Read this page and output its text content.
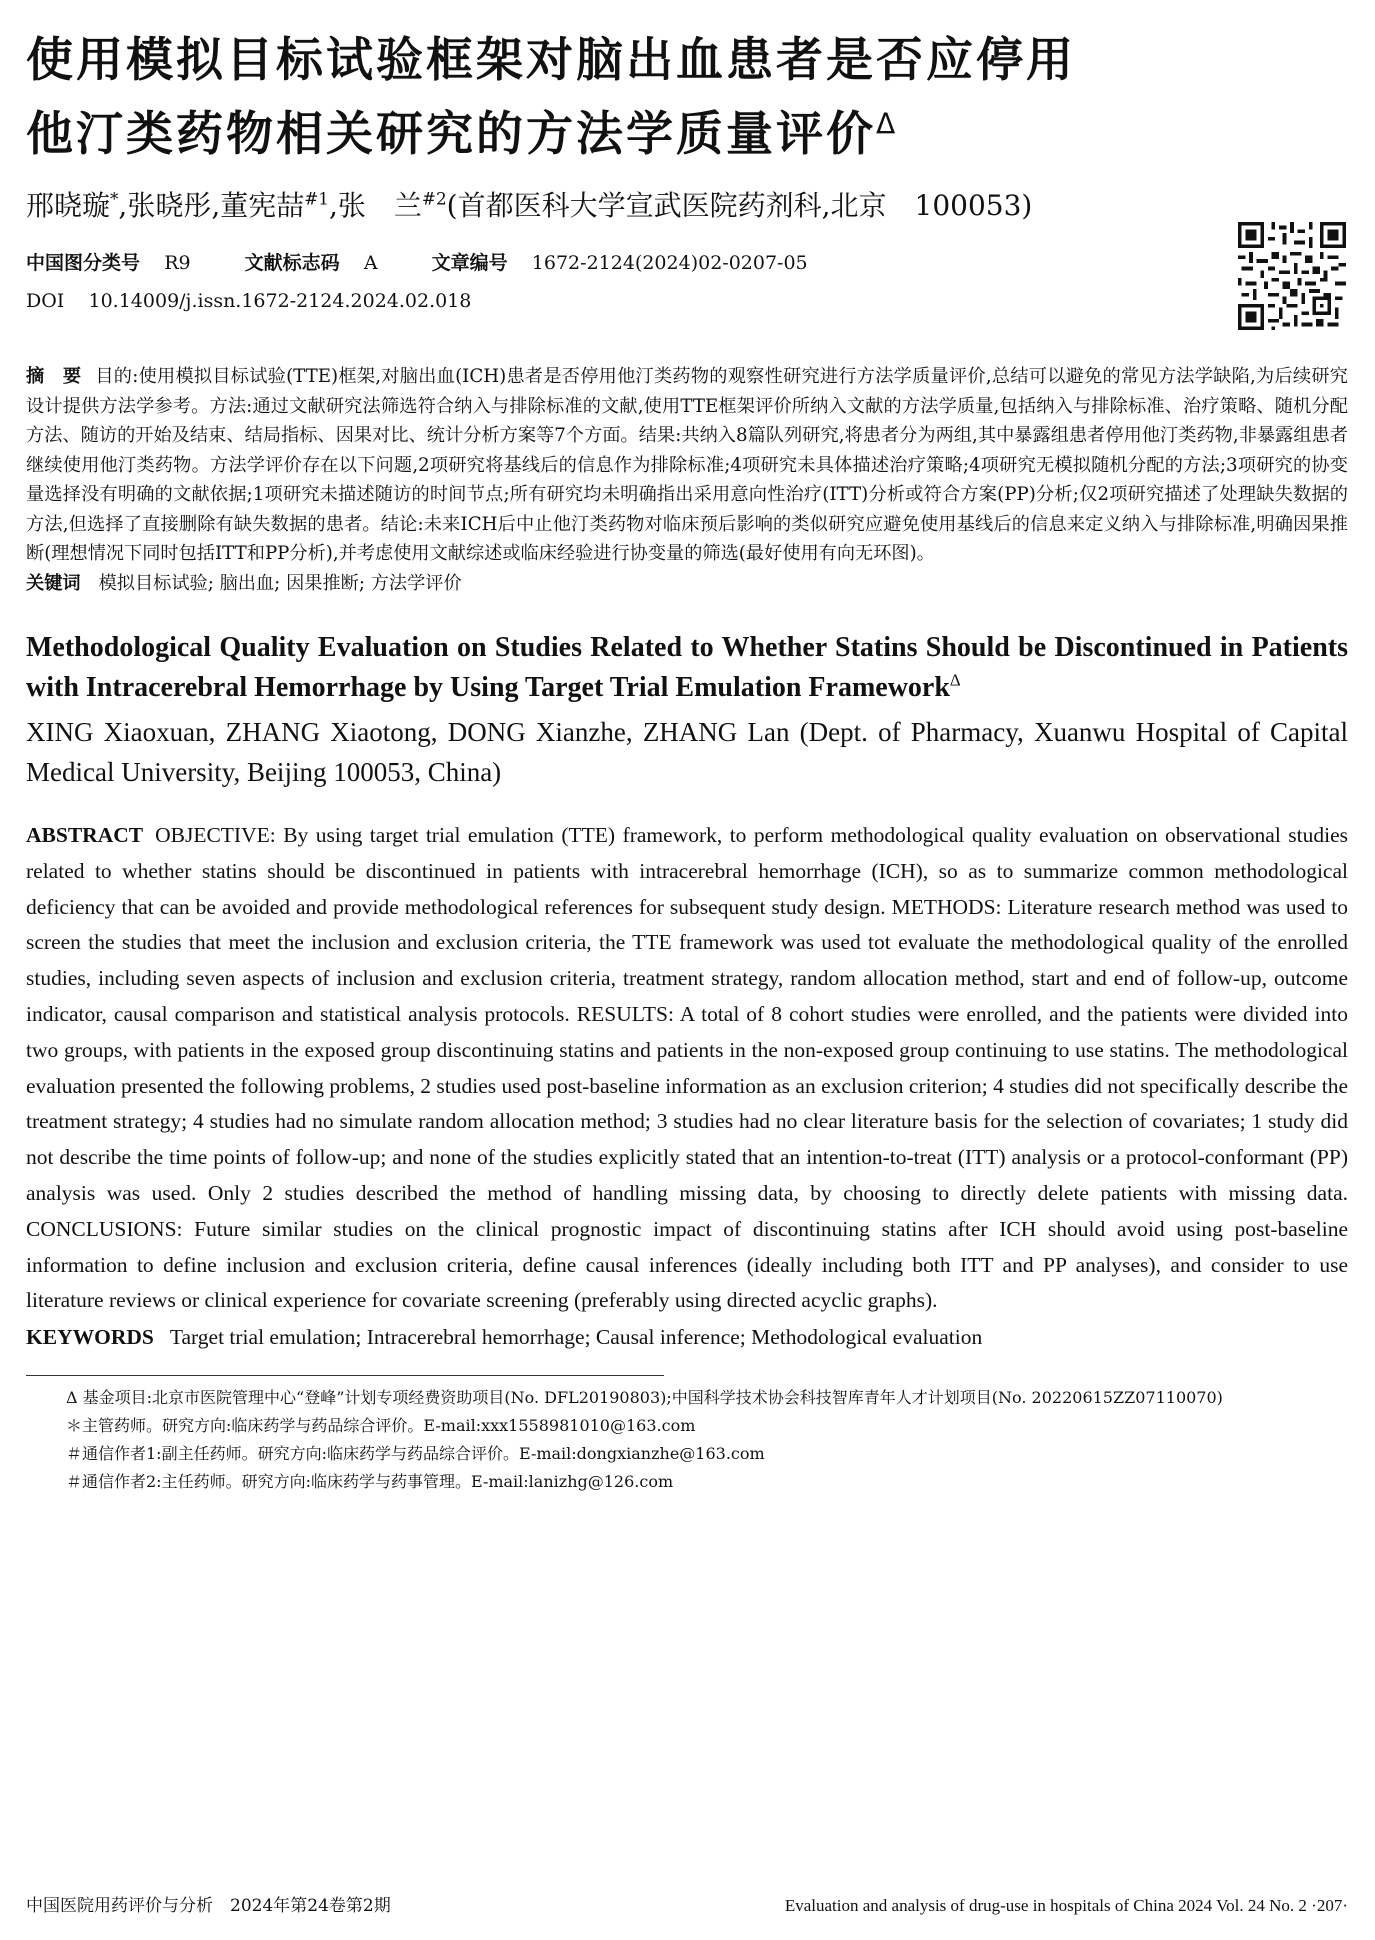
使用模拟目标试验框架对脑出血患者是否应停用
他汀类药物相关研究的方法学质量评价$^\Delta$
邢晓璇*,张晓彤,董宪喆$^{\#1}$,张　兰$^{\#2}$(首都医科大学宣武医院药剂科,北京　100053)
中国图分类号 R9	文献标志码 A	文章编号 1672-2124(2024)02-0207-05
DOI 10.14009/j.issn.1672-2124.2024.02.018
摘　要 目的:使用模拟目标试验(TTE)框架,对脑出血(ICH)患者是否停用他汀类药物的观察性研究进行方法学质量评价,总结可以避免的常见方法学缺陷,为后续研究设计提供方法学参考。方法:通过文献研究法筛选符合纳入与排除标准的文献,使用TTE框架评价所纳入文献的方法学质量,包括纳入与排除标准、治疗策略、随机分配方法、随访的开始及结束、结局指标、因果对比、统计分析方案等7个方面。结果:共纳入8篇队列研究,将患者分为两组,其中暴露组患者停用他汀类药物,非暴露组患者继续使用他汀类药物。方法学评价存在以下问题,2项研究将基线后的信息作为排除标准;4项研究未具体描述治疗策略;4项研究无模拟随机分配的方法;3项研究的协变量选择没有明确的文献依据;1项研究未描述随访的时间节点;所有研究均未明确指出采用意向性治疗(ITT)分析或符合方案(PP)分析;仅2项研究描述了处理缺失数据的方法,但选择了直接删除有缺失数据的患者。结论:未来ICH后中止他汀类药物对临床预后影响的类似研究应避免使用基线后的信息来定义纳入与排除标准,明确因果推断(理想情况下同时包括ITT和PP分析),并考虑使用文献综述或临床经验进行协变量的筛选(最好使用有向无环图)。
关键词 模拟目标试验; 脑出血; 因果推断; 方法学评价
Methodological Quality Evaluation on Studies Related to Whether Statins Should be Discontinued in Patients with Intracerebral Hemorrhage by Using Target Trial Emulation Framework$^\Delta$
XING Xiaoxuan, ZHANG Xiaotong, DONG Xianzhe, ZHANG Lan (Dept. of Pharmacy, Xuanwu Hospital of Capital Medical University, Beijing 100053, China)
ABSTRACT OBJECTIVE: By using target trial emulation (TTE) framework, to perform methodological quality evaluation on observational studies related to whether statins should be discontinued in patients with intracerebral hemorrhage (ICH), so as to summarize common methodological deficiency that can be avoided and provide methodological references for subsequent study design. METHODS: Literature research method was used to screen the studies that meet the inclusion and exclusion criteria, the TTE framework was used tot evaluate the methodological quality of the enrolled studies, including seven aspects of inclusion and exclusion criteria, treatment strategy, random allocation method, start and end of follow-up, outcome indicator, causal comparison and statistical analysis protocols. RESULTS: A total of 8 cohort studies were enrolled, and the patients were divided into two groups, with patients in the exposed group discontinuing statins and patients in the non-exposed group continuing to use statins. The methodological evaluation presented the following problems, 2 studies used post-baseline information as an exclusion criterion; 4 studies did not specifically describe the treatment strategy; 4 studies had no simulate random allocation method; 3 studies had no clear literature basis for the selection of covariates; 1 study did not describe the time points of follow-up; and none of the studies explicitly stated that an intention-to-treat (ITT) analysis or a protocol-conformant (PP) analysis was used. Only 2 studies described the method of handling missing data, by choosing to directly delete patients with missing data. CONCLUSIONS: Future similar studies on the clinical prognostic impact of discontinuing statins after ICH should avoid using post-baseline information to define inclusion and exclusion criteria, define causal inferences (ideally including both ITT and PP analyses), and consider to use literature reviews or clinical experience for covariate screening (preferably using directed acyclic graphs).
KEYWORDS Target trial emulation; Intracerebral hemorrhage; Causal inference; Methodological evaluation
Δ 基金项目:北京市医院管理中心“登峰”计划专项经费资助项目(No. DFL20190803);中国科学技术协会科技智库青年人才计划项目(No. 20220615ZZ07110070)
＊主管药师。研究方向:临床药学与药品综合评价。E-mail:xxx1558981010@163.com
＃通信作者1:副主任药师。研究方向:临床药学与药品综合评价。E-mail:dongxianzhe@163.com
＃通信作者2:主任药师。研究方向:临床药学与药事管理。E-mail:lanizhg@126.com
中国医院用药评价与分析　2024年第24卷第2期	Evaluation and analysis of drug-use in hospitals of China 2024 Vol. 24 No. 2 ·207·
